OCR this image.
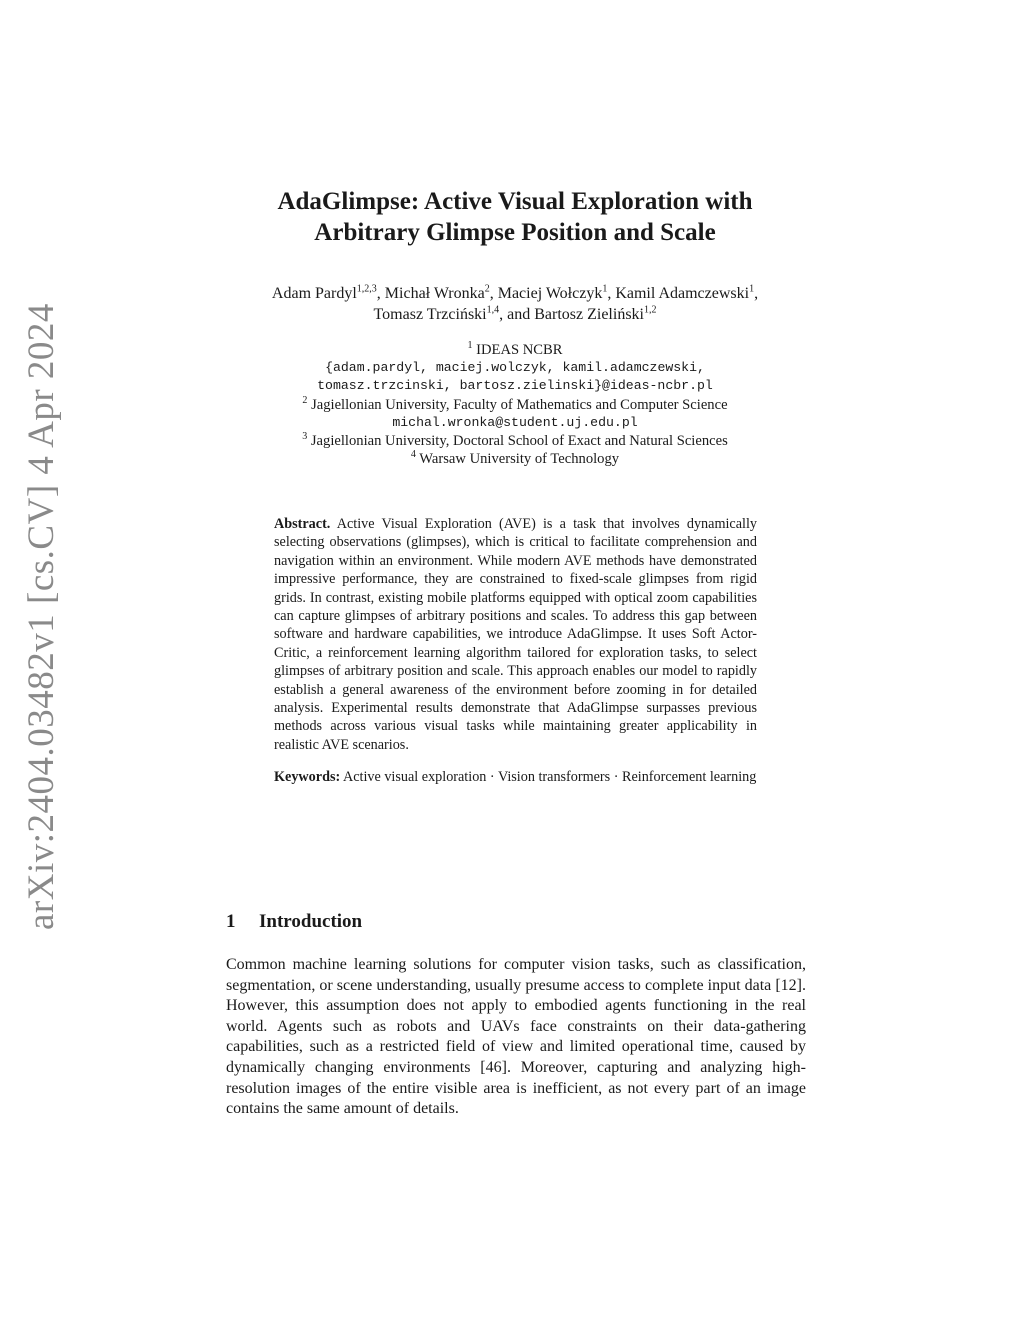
arXiv:2404.03482v1 [cs.CV] 4 Apr 2024
AdaGlimpse: Active Visual Exploration with
Arbitrary Glimpse Position and Scale
Adam Pardyl$^{1,2,3}$, Michał Wronka$^2$, Maciej Wołczyk$^1$, Kamil Adamczewski$^1$,
Tomasz Trzciński$^{1,4}$, and Bartosz Zieliński$^{1,2}$
$^1$ IDEAS NCBR
{adam.pardyl, maciej.wolczyk, kamil.adamczewski,
tomasz.trzcinski, bartosz.zielinski}@ideas-ncbr.pl
$^2$ Jagiellonian University, Faculty of Mathematics and Computer Science
michal.wronka@student.uj.edu.pl
$^3$ Jagiellonian University, Doctoral School of Exact and Natural Sciences
$^4$ Warsaw University of Technology

Abstract. Active Visual Exploration (AVE) is a task that involves dynamically selecting observations (glimpses), which is critical to facilitate comprehension and navigation within an environment. While modern AVE methods have demonstrated impressive performance, they are constrained to fixed-scale glimpses from rigid grids. In contrast, existing mobile platforms equipped with optical zoom capabilities can capture glimpses of arbitrary positions and scales. To address this gap between software and hardware capabilities, we introduce AdaGlimpse. It uses Soft Actor-Critic, a reinforcement learning algorithm tailored for exploration tasks, to select glimpses of arbitrary position and scale. This approach enables our model to rapidly establish a general awareness of the environment before zooming in for detailed analysis. Experimental results demonstrate that AdaGlimpse surpasses previous methods across various visual tasks while maintaining greater applicability in realistic AVE scenarios.

Keywords: Active visual exploration · Vision transformers · Reinforcement learning

1 Introduction

Common machine learning solutions for computer vision tasks, such as classification, segmentation, or scene understanding, usually presume access to complete input data [12]. However, this assumption does not apply to embodied agents functioning in the real world. Agents such as robots and UAVs face constraints on their data-gathering capabilities, such as a restricted field of view and limited operational time, caused by dynamically changing environments [46]. Moreover, capturing and analyzing high-resolution images of the entire visible area is inefficient, as not every part of an image contains the same amount of details.
